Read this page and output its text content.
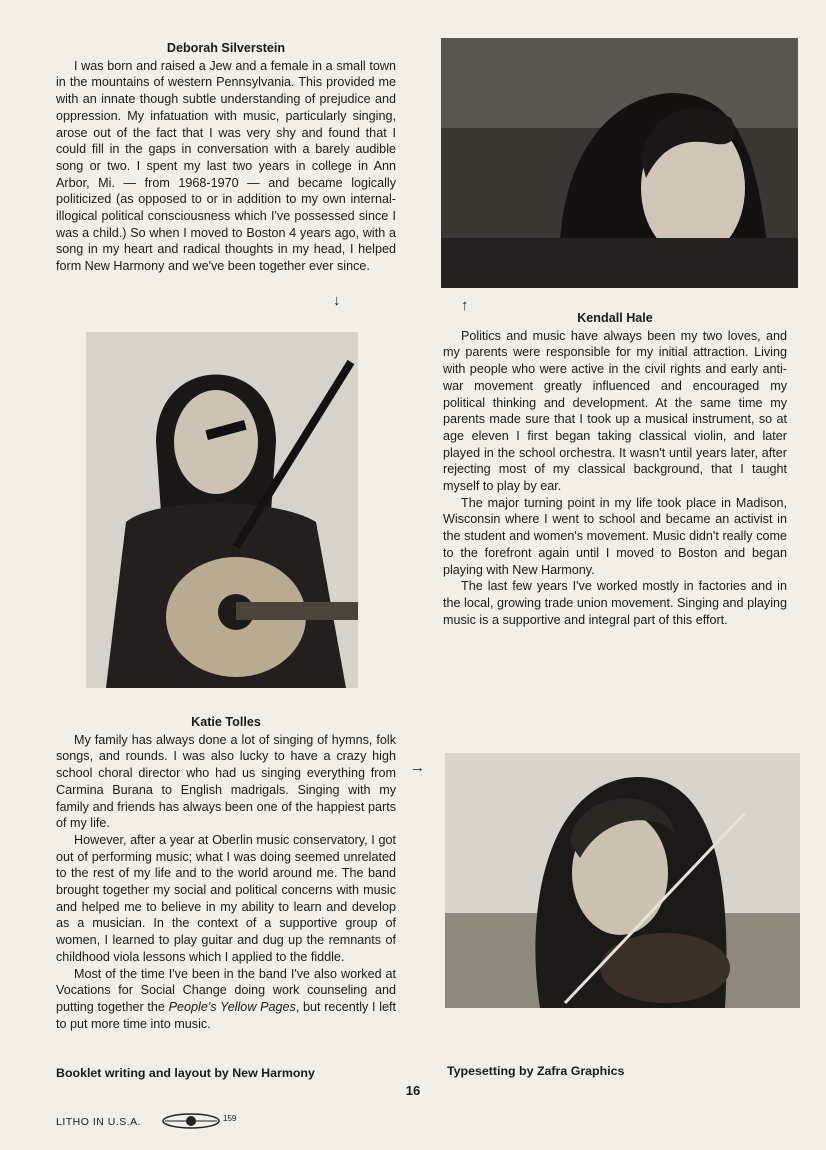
Deborah Silverstein

I was born and raised a Jew and a female in a small town in the mountains of western Pennsylvania. This provided me with an innate though subtle understanding of prejudice and oppression. My infatuation with music, particularly singing, arose out of the fact that I was very shy and found that I could fill in the gaps in conversation with a barely audible song or two. I spent my last two years in college in Ann Arbor, Mi. — from 1968-1970 — and became logically politicized (as opposed to or in addition to my own internal-illogical political consciousness which I've possessed since I was a child.) So when I moved to Boston 4 years ago, with a song in my heart and radical thoughts in my head, I helped form New Harmony and we've been together ever since.

↓	↑
Kendall Hale

Politics and music have always been my two loves, and my parents were responsible for my initial attraction. Living with people who were active in the civil rights and early anti-war movement greatly influenced and encouraged my political thinking and development. At the same time my parents made sure that I took up a musical instrument, so at age eleven I first began taking classical violin, and later played in the school orchestra. It wasn't until years later, after rejecting most of my classical background, that I taught myself to play by ear.

The major turning point in my life took place in Madison, Wisconsin where I went to school and became an activist in the student and women's movement. Music didn't really come to the forefront again until I moved to Boston and began playing with New Harmony.

The last few years I've worked mostly in factories and in the local, growing trade union movement. Singing and playing music is a supportive and integral part of this effort.

Katie Tolles

My family has always done a lot of singing of hymns, folk songs, and rounds. I was also lucky to have a crazy high school choral director who had us singing everything from Carmina Burana to English madrigals. Singing with my family and friends has always been one of the happiest parts of my life.

However, after a year at Oberlin music conservatory, I got out of performing music; what I was doing seemed unrelated to the rest of my life and to the world around me. The band brought together my social and political concerns with music and helped me to believe in my ability to learn and develop as a musician. In the context of a supportive group of women, I learned to play guitar and dug up the remnants of childhood viola lessons which I applied to the fiddle.

Most of the time I've been in the band I've also worked at Vocations for Social Change doing work counseling and putting together the People's Yellow Pages, but recently I left to put more time into music.

→
Booklet writing and layout by New Harmony	Typesetting by Zafra Graphics
16
LITHO IN U.S.A.	159
